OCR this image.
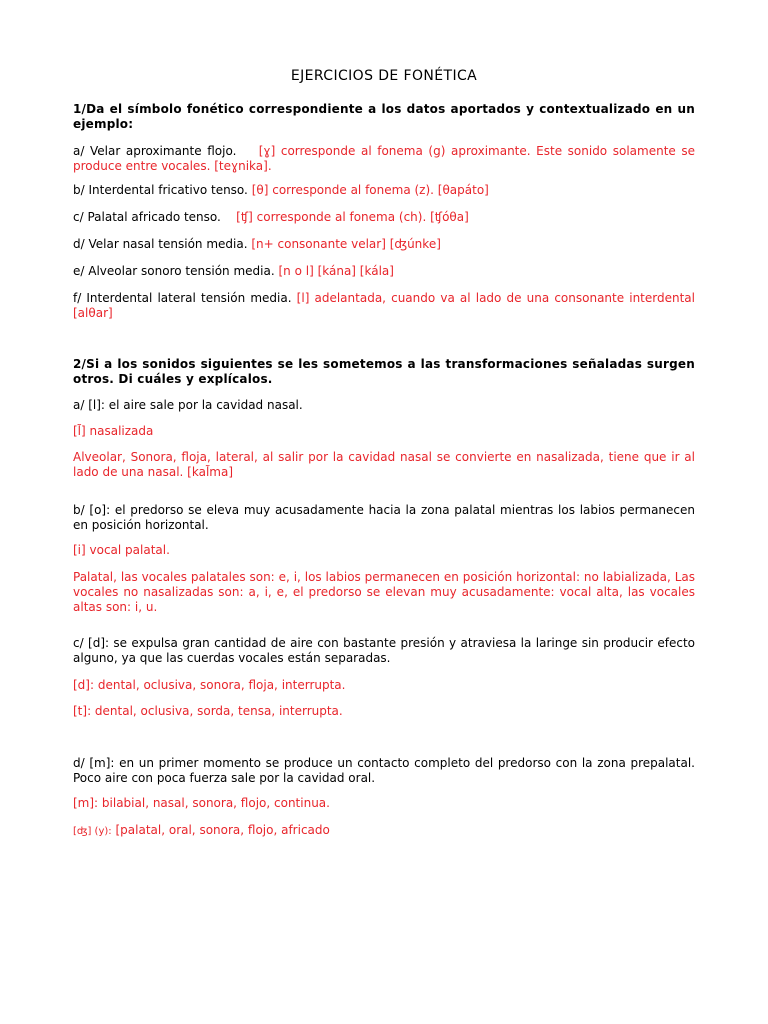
EJERCICIOS DE FONÉTICA

1/Da el símbolo fonético correspondiente a los datos aportados y contextualizado en un ejemplo:

a/ Velar aproximante flojo. [ɣ] corresponde al fonema (g) aproximante. Este sonido solamente se produce entre vocales. [teɣnika].

b/ Interdental fricativo tenso. [θ] corresponde al fonema (z). [θapáto]

c/ Palatal africado tenso. [ʧ] corresponde al fonema (ch). [ʧóθa]

d/ Velar nasal tensión media. [n+ consonante velar] [ʤúnke]

e/ Alveolar sonoro tensión media. [n o l] [kána] [kála]

f/ Interdental lateral tensión media. [l] adelantada, cuando va al lado de una consonante interdental [alθar]

2/Si a los sonidos siguientes se les sometemos a las transformaciones señaladas surgen otros. Di cuáles y explícalos.

a/ [l]: el aire sale por la cavidad nasal.

[l̃] nasalizada

Alveolar, Sonora, floja, lateral, al salir por la cavidad nasal se convierte en nasalizada, tiene que ir al lado de una nasal. [kal̃ma]

b/ [o]: el predorso se eleva muy acusadamente hacia la zona palatal mientras los labios permanecen en posición horizontal.

[i] vocal palatal.

Palatal, las vocales palatales son: e, i, los labios permanecen en posición horizontal: no labializada, Las vocales no nasalizadas son: a, i, e, el predorso se elevan muy acusadamente: vocal alta, las vocales altas son: i, u.

c/ [d]: se expulsa gran cantidad de aire con bastante presión y atraviesa la laringe sin producir efecto alguno, ya que las cuerdas vocales están separadas.

[d]: dental, oclusiva, sonora, floja, interrupta.

[t]: dental, oclusiva, sorda, tensa, interrupta.

d/ [m]: en un primer momento se produce un contacto completo del predorso con la zona prepalatal. Poco aire con poca fuerza sale por la cavidad oral.

[m]: bilabial, nasal, sonora, flojo, continua.

[ʤ] (y): [palatal, oral, sonora, flojo, africado
